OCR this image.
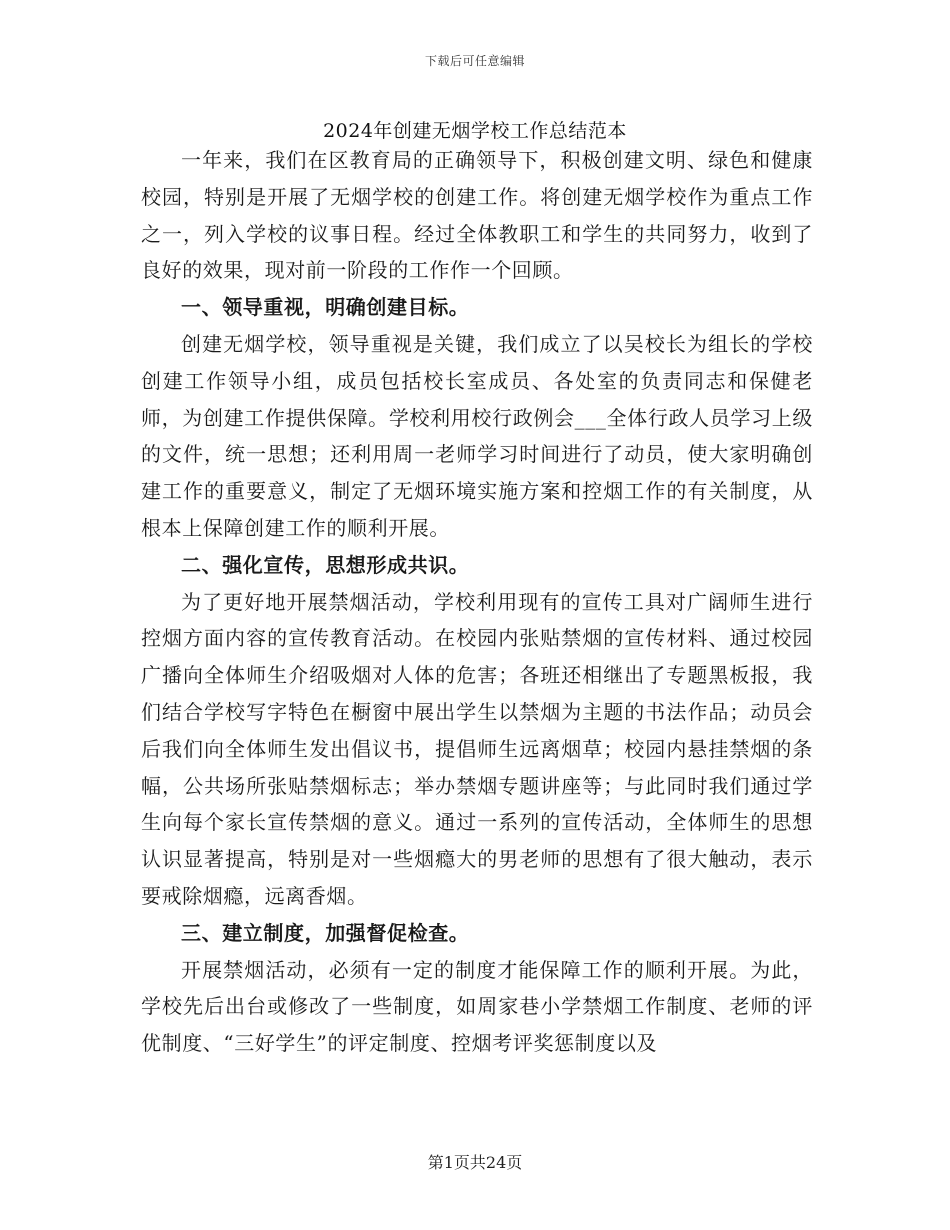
下载后可任意编辑
2024年创建无烟学校工作总结范本

一年来，我们在区教育局的正确领导下，积极创建文明、绿色和健康校园，特别是开展了无烟学校的创建工作。将创建无烟学校作为重点工作之一，列入学校的议事日程。经过全体教职工和学生的共同努力，收到了良好的效果，现对前一阶段的工作作一个回顾。

一、领导重视，明确创建目标。

创建无烟学校，领导重视是关键，我们成立了以吴校长为组长的学校创建工作领导小组，成员包括校长室成员、各处室的负责同志和保健老师，为创建工作提供保障。学校利用校行政例会___全体行政人员学习上级的文件，统一思想；还利用周一老师学习时间进行了动员，使大家明确创建工作的重要意义，制定了无烟环境实施方案和控烟工作的有关制度，从根本上保障创建工作的顺利开展。

二、强化宣传，思想形成共识。

为了更好地开展禁烟活动，学校利用现有的宣传工具对广阔师生进行控烟方面内容的宣传教育活动。在校园内张贴禁烟的宣传材料、通过校园广播向全体师生介绍吸烟对人体的危害；各班还相继出了专题黑板报，我们结合学校写字特色在橱窗中展出学生以禁烟为主题的书法作品；动员会后我们向全体师生发出倡议书，提倡师生远离烟草；校园内悬挂禁烟的条幅，公共场所张贴禁烟标志；举办禁烟专题讲座等；与此同时我们通过学生向每个家长宣传禁烟的意义。通过一系列的宣传活动，全体师生的思想认识显著提高，特别是对一些烟瘾大的男老师的思想有了很大触动，表示要戒除烟瘾，远离香烟。

三、建立制度，加强督促检查。

开展禁烟活动，必须有一定的制度才能保障工作的顺利开展。为此，学校先后出台或修改了一些制度，如周家巷小学禁烟工作制度、老师的评优制度、“三好学生”的评定制度、控烟考评奖惩制度以及

第1页共24页
